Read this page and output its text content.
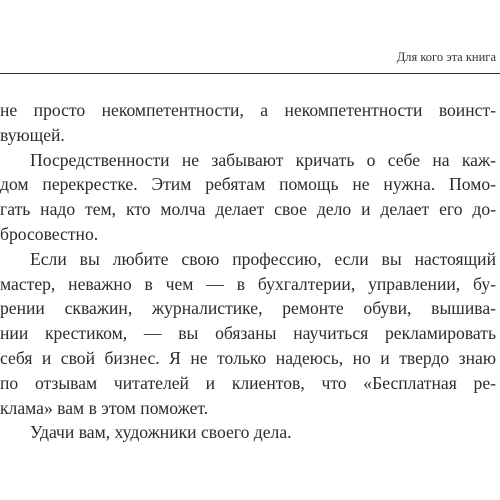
Для кого эта книга
не просто некомпетентности, а некомпетентности воинст-
вующей.
Посредственности не забывают кричать о себе на каж-
дом перекрестке. Этим ребятам помощь не нужна. Помо-
гать надо тем, кто молча делает свое дело и делает его до-
бросовестно.
Если вы любите свою профессию, если вы настоящий
мастер, неважно в чем — в бухгалтерии, управлении, бу-
рении скважин, журналистике, ремонте обуви, вышива-
нии крестиком, — вы обязаны научиться рекламировать
себя и свой бизнес. Я не только надеюсь, но и твердо знаю
по отзывам читателей и клиентов, что «Бесплатная ре-
клама» вам в этом поможет.
Удачи вам, художники своего дела.
